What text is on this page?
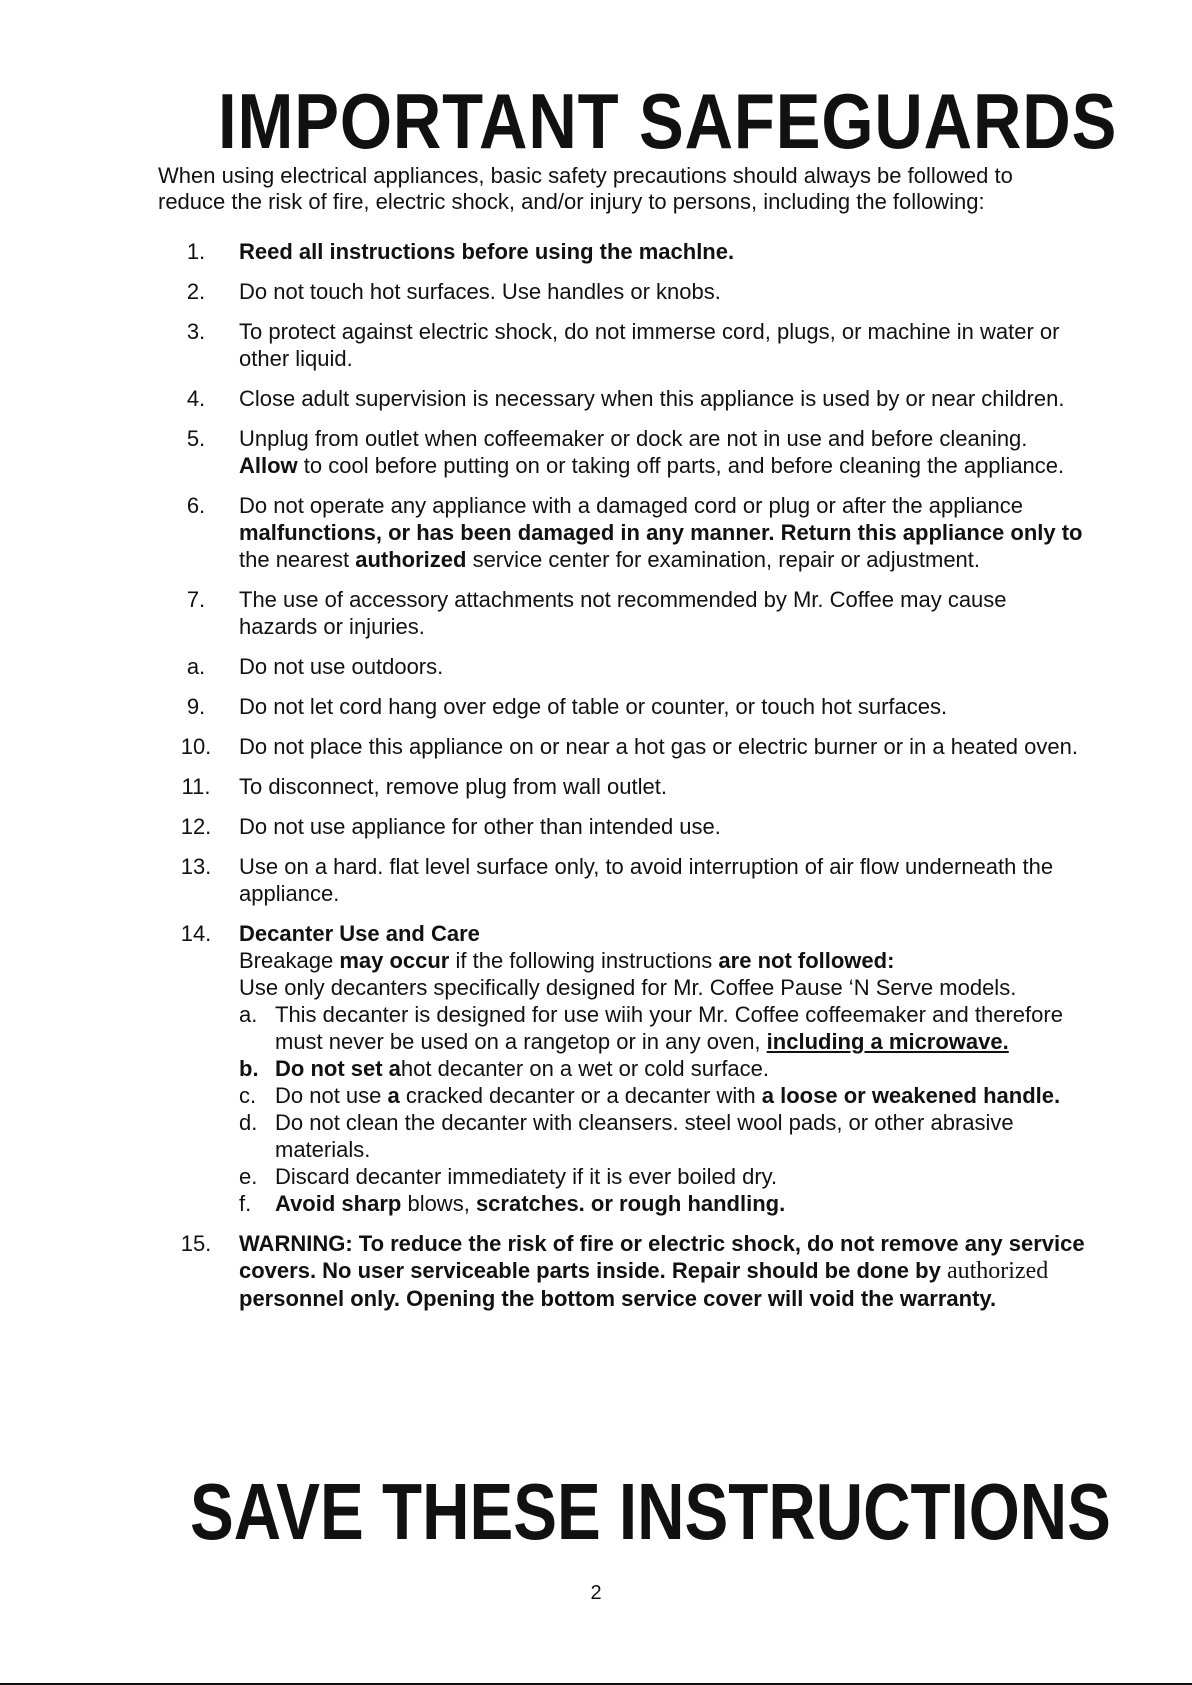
IMPORTANT SAFEGUARDS

When using electrical appliances, basic safety precautions should always be followed to reduce the risk of fire, electric shock, and/or injury to persons, including the following:

1.	Reed all instructions before using the machlne.
2.	Do not touch hot surfaces. Use handles or knobs.
3.	To protect against electric shock, do not immerse cord, plugs, or machine in water or other liquid.
4.	Close adult supervision is necessary when this appliance is used by or near children.
5.	Unplug from outlet when coffeemaker or dock are not in use and before cleaning. Allow to cool before putting on or taking off parts, and before cleaning the appliance.
6.	Do not operate any appliance with a damaged cord or plug or after the appliance malfunctions, or has been damaged in any manner. Return this appliance only to the nearest authorized service center for examination, repair or adjustment.
7.	The use of accessory attachments not recommended by Mr. Coffee may cause hazards or injuries.
a.	Do not use outdoors.
9.	Do not let cord hang over edge of table or counter, or touch hot surfaces.
10. Do not place this appliance on or near a hot gas or electric burner or in a heated oven.
11. To disconnect, remove plug from wall outlet.
12. Do not use appliance for other than intended use.
13. Use on a hard. flat level surface only, to avoid interruption of air flow underneath the appliance.
14. Decanter Use and Care
Breakage may occur if the following instructions are not followed:
Use only decanters specifically designed for Mr. Coffee Pause ‘N Serve models.
a. This decanter is designed for use wiih your Mr. Coffee coffeemaker and therefore must never be used on a rangetop or in any oven, including a microwave.
b. Do not set ahot decanter on a wet or cold surface.
c. Do not use a cracked decanter or a decanter with a loose or weakened handle.
d. Do not clean the decanter with cleansers. steel wool pads, or other abrasive materials.
e. Discard decanter immediatety if it is ever boiled dry.
f. Avoid sharp blows, scratches. or rough handling.
15. WARNING: To reduce the risk of fire or electric shock, do not remove any service covers. No user serviceable parts inside. Repair should be done by authorized personnel only. Opening the bottom service cover will void the warranty.
SAVE THESE INSTRUCTIONS
2
